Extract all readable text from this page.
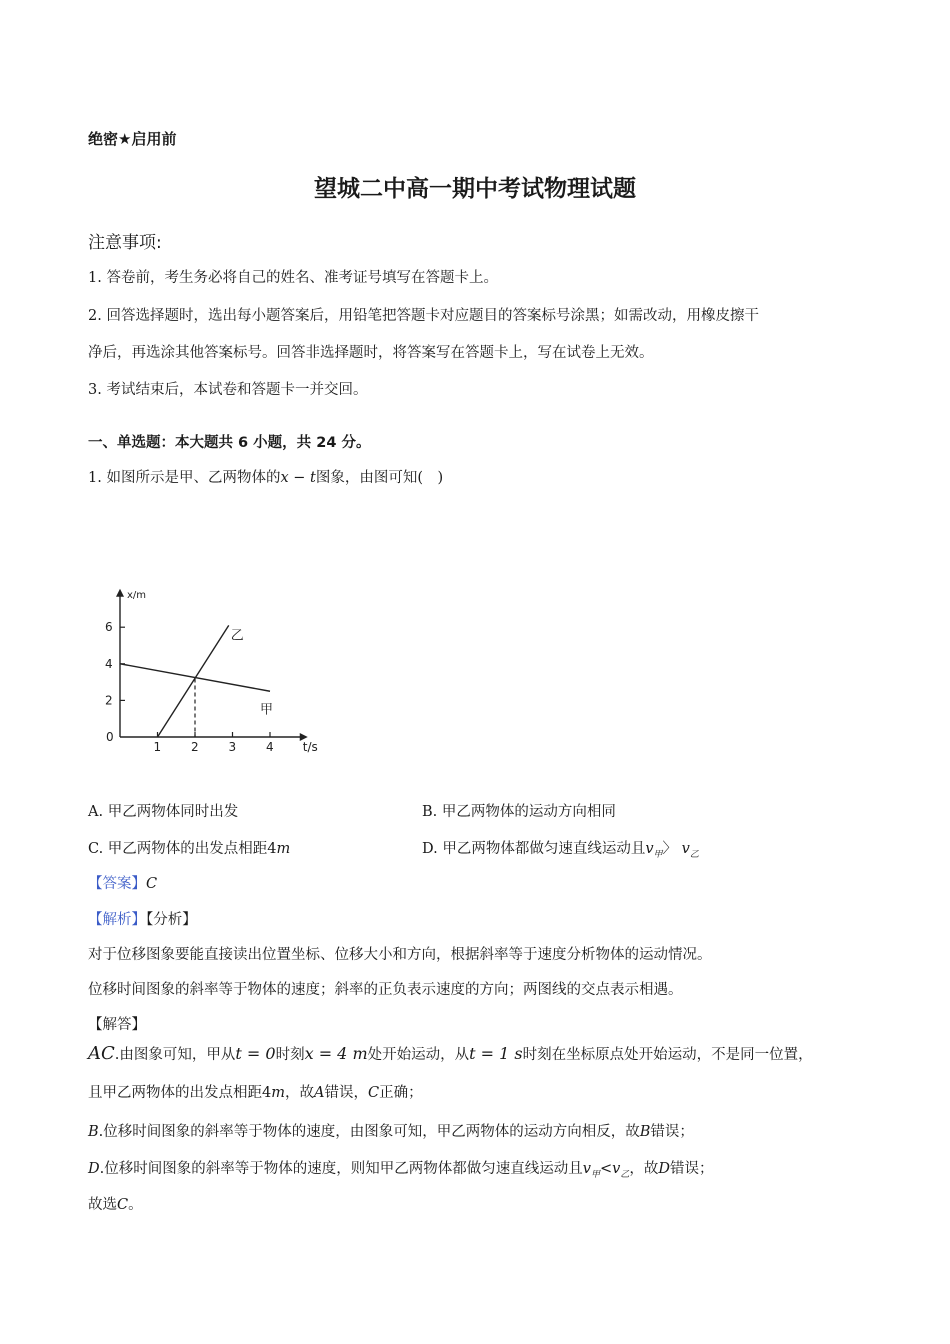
绝密★启用前
望城二中高一期中考试物理试题
注意事项:
1. 答卷前，考生务必将自己的姓名、准考证号填写在答题卡上。
2. 回答选择题时，选出每小题答案后，用铅笔把答题卡对应题目的答案标号涂黑；如需改动，用橡皮擦干
净后，再选涂其他答案标号。回答非选择题时，将答案写在答题卡上，写在试卷上无效。
3. 考试结束后，本试卷和答题卡一并交回。
一、单选题：本大题共 6 小题，共 24 分。
1. 如图所示是甲、乙两物体的x − t图象，由图可知(　)
t/s
x/m
0
1 2 3 4
2
4
6
甲
乙
A. 甲乙两物体同时出发	B. 甲乙两物体的运动方向相同
C. 甲乙两物体的出发点相距4m	D. 甲乙两物体都做匀速直线运动且$v_甲$〉 $v_乙$
【答案】C
【解析】【分析】
对于位移图象要能直接读出位置坐标、位移大小和方向，根据斜率等于速度分析物体的运动情况。
位移时间图象的斜率等于物体的速度；斜率的正负表示速度的方向；两图线的交点表示相遇。
【解答】
AC.由图象可知，甲从t = 0时刻x = 4 m处开始运动，从t = 1 s时刻在坐标原点处开始运动，不是同一位置，
且甲乙两物体的出发点相距4m，故A错误，C正确；
B.位移时间图象的斜率等于物体的速度，由图象可知，甲乙两物体的运动方向相反，故B错误；
D.位移时间图象的斜率等于物体的速度，则知甲乙两物体都做匀速直线运动且$v_甲<v_乙$，故D错误；
故选C。
